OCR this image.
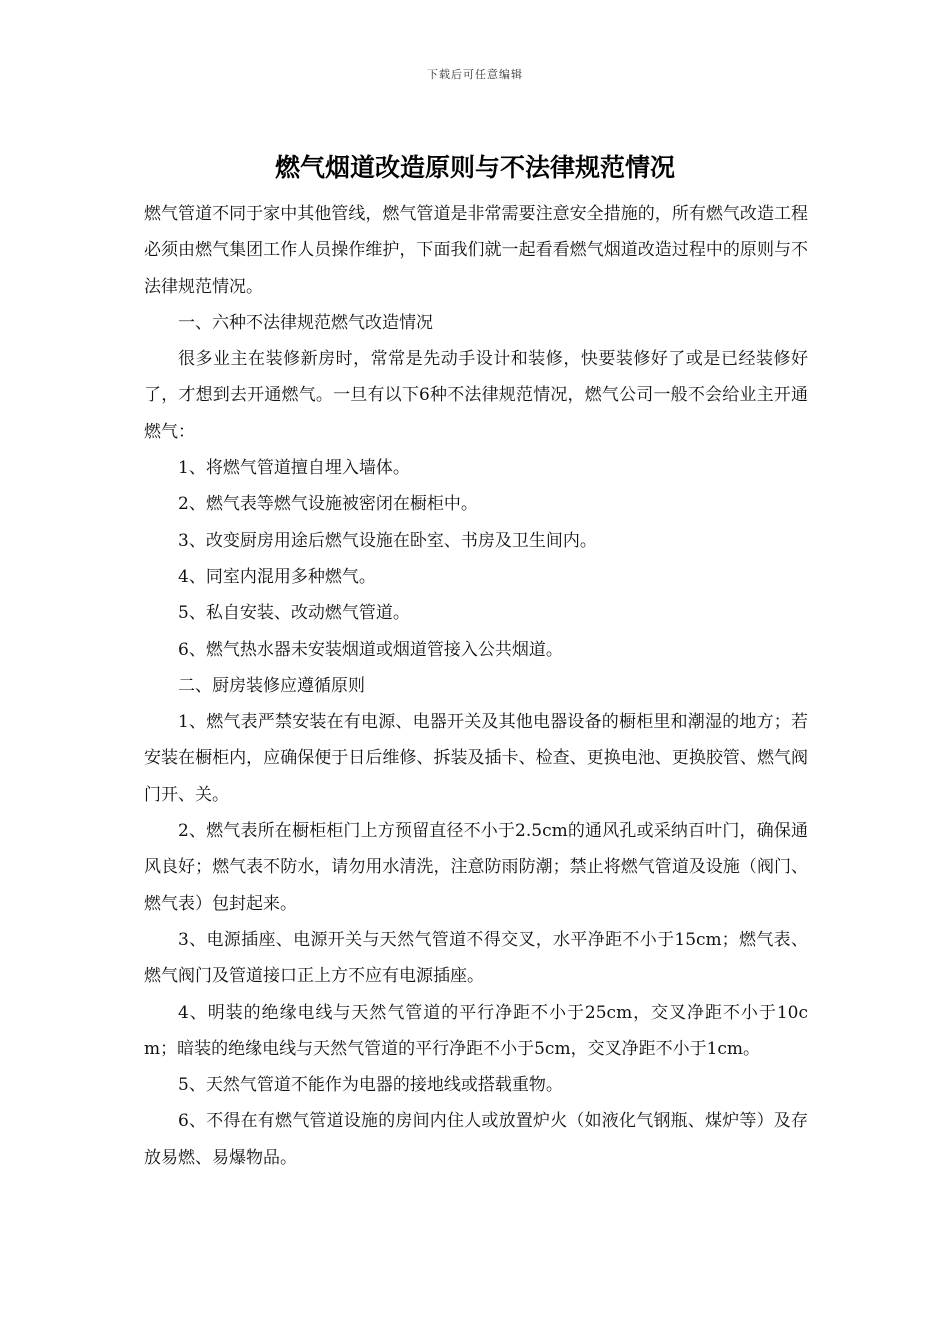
下载后可任意编辑
燃气烟道改造原则与不法律规范情况

燃气管道不同于家中其他管线，燃气管道是非常需要注意安全措施的，所有燃气改造工程必须由燃气集团工作人员操作维护，下面我们就一起看看燃气烟道改造过程中的原则与不法律规范情况。

一、六种不法律规范燃气改造情况

很多业主在装修新房时，常常是先动手设计和装修，快要装修好了或是已经装修好了，才想到去开通燃气。一旦有以下6种不法律规范情况，燃气公司一般不会给业主开通燃气：

1、将燃气管道擅自埋入墙体。

2、燃气表等燃气设施被密闭在橱柜中。

3、改变厨房用途后燃气设施在卧室、书房及卫生间内。

4、同室内混用多种燃气。

5、私自安装、改动燃气管道。

6、燃气热水器未安装烟道或烟道管接入公共烟道。

二、厨房装修应遵循原则

1、燃气表严禁安装在有电源、电器开关及其他电器设备的橱柜里和潮湿的地方；若安装在橱柜内，应确保便于日后维修、拆装及插卡、检查、更换电池、更换胶管、燃气阀门开、关。

2、燃气表所在橱柜柜门上方预留直径不小于2.5cm的通风孔或采纳百叶门，确保通风良好；燃气表不防水，请勿用水清洗，注意防雨防潮；禁止将燃气管道及设施（阀门、燃气表）包封起来。

3、电源插座、电源开关与天然气管道不得交叉，水平净距不小于15cm；燃气表、燃气阀门及管道接口正上方不应有电源插座。

4、明装的绝缘电线与天然气管道的平行净距不小于25cm，交叉净距不小于10cm；暗装的绝缘电线与天然气管道的平行净距不小于5cm，交叉净距不小于1cm。

5、天然气管道不能作为电器的接地线或搭载重物。

6、不得在有燃气管道设施的房间内住人或放置炉火（如液化气钢瓶、煤炉等）及存放易燃、易爆物品。
